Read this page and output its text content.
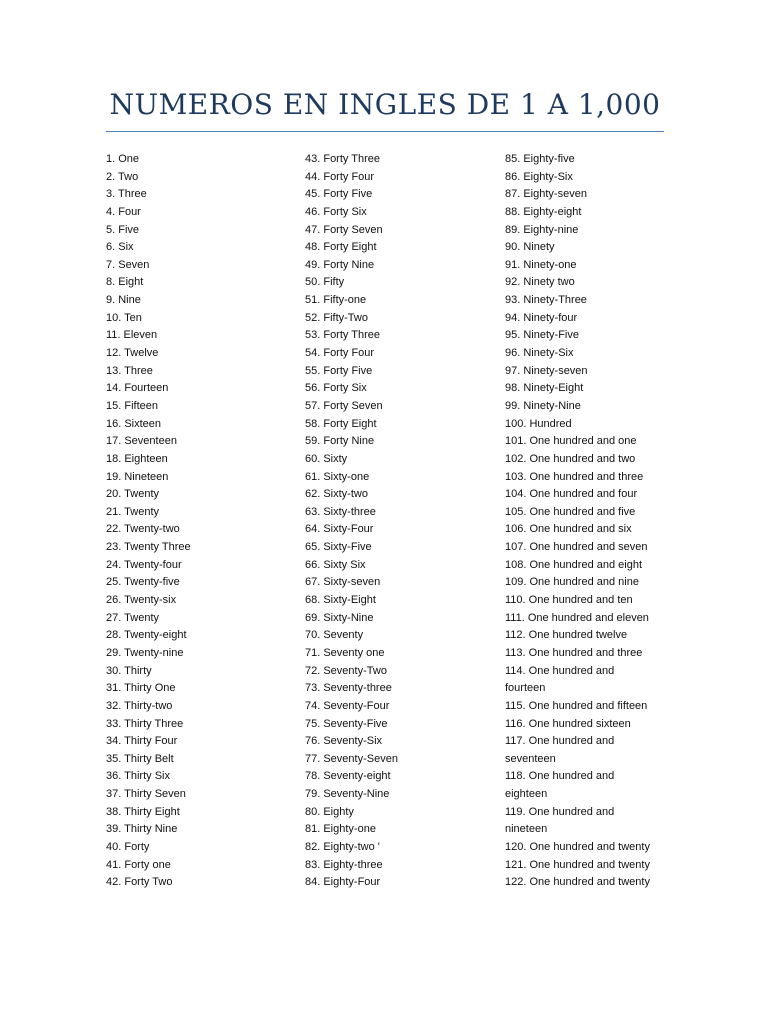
NUMEROS EN INGLES DE 1 A 1,000
1. One
2. Two
3. Three
4. Four
5. Five
6. Six
7. Seven
8. Eight
9. Nine
10. Ten
11. Eleven
12. Twelve
13. Three
14. Fourteen
15. Fifteen
16. Sixteen
17. Seventeen
18. Eighteen
19. Nineteen
20. Twenty
21. Twenty
22. Twenty-two
23. Twenty Three
24. Twenty-four
25. Twenty-five
26. Twenty-six
27. Twenty
28. Twenty-eight
29. Twenty-nine
30. Thirty
31. Thirty One
32. Thirty-two
33. Thirty Three
34. Thirty Four
35. Thirty Belt
36. Thirty Six
37. Thirty Seven
38. Thirty Eight
39. Thirty Nine
40. Forty
41. Forty one
42. Forty Two
43. Forty Three
44. Forty Four
45. Forty Five
46. Forty Six
47. Forty Seven
48. Forty Eight
49. Forty Nine
50. Fifty
51. Fifty-one
52. Fifty-Two
53. Forty Three
54. Forty Four
55. Forty Five
56. Forty Six
57. Forty Seven
58. Forty Eight
59. Forty Nine
60. Sixty
61. Sixty-one
62. Sixty-two
63. Sixty-three
64. Sixty-Four
65. Sixty-Five
66. Sixty Six
67. Sixty-seven
68. Sixty-Eight
69. Sixty-Nine
70. Seventy
71. Seventy one
72. Seventy-Two
73. Seventy-three
74. Seventy-Four
75. Seventy-Five
76. Seventy-Six
77. Seventy-Seven
78. Seventy-eight
79. Seventy-Nine
80. Eighty
81. Eighty-one
82. Eighty-two '
83. Eighty-three
84. Eighty-Four
85. Eighty-five
86. Eighty-Six
87. Eighty-seven
88. Eighty-eight
89. Eighty-nine
90. Ninety
91. Ninety-one
92. Ninety two
93. Ninety-Three
94. Ninety-four
95. Ninety-Five
96. Ninety-Six
97. Ninety-seven
98. Ninety-Eight
99. Ninety-Nine
100. Hundred
101. One hundred and one
102. One hundred and two
103. One hundred and three
104. One hundred and four
105. One hundred and five
106. One hundred and six
107. One hundred and seven
108. One hundred and eight
109. One hundred and nine
110. One hundred and ten
111. One hundred and eleven
112. One hundred twelve
113. One hundred and three
114. One hundred and
fourteen
115. One hundred and fifteen
116. One hundred sixteen
117. One hundred and
seventeen
118. One hundred and
eighteen
119. One hundred and
nineteen
120. One hundred and twenty
121. One hundred and twenty
122. One hundred and twenty
